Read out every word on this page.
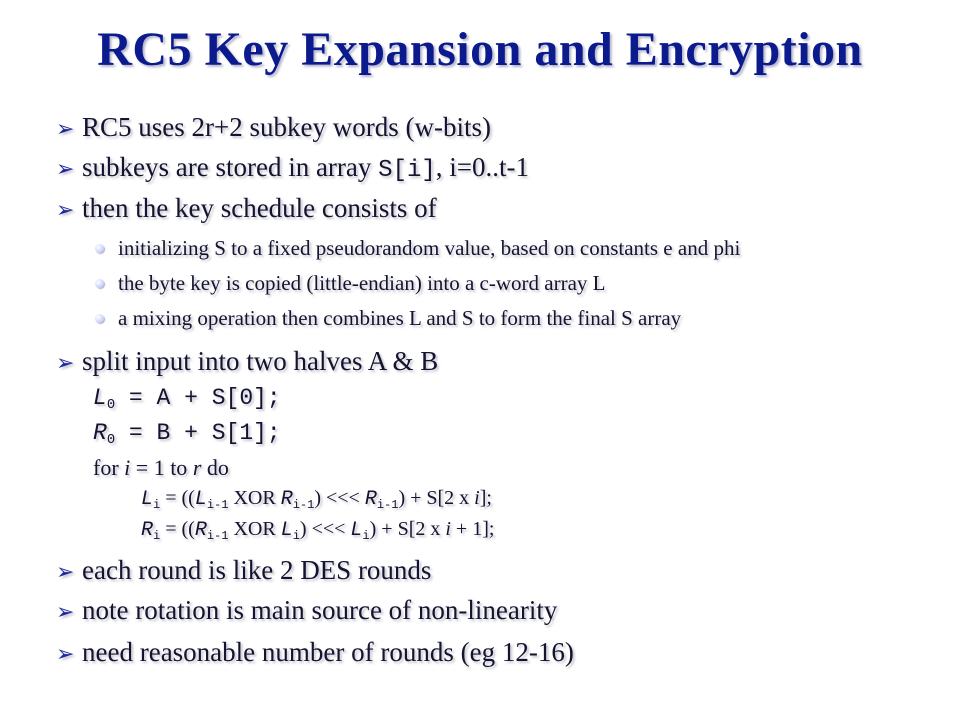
RC5 Key Expansion and Encryption
➢ RC5 uses 2r+2 subkey words (w-bits)
➢ subkeys are stored in array S[i], i=0..t-1
➢ then the key schedule consists of
initializing S to a fixed pseudorandom value, based on constants e and phi
the byte key is copied (little-endian) into a c-word array L
a mixing operation then combines L and S to form the final S array
➢ split input into two halves A & B
$L_0 = A + S[0]$;
$R_0 = B + S[1]$;
for i = 1 to r do
$L_i = ((L_{i-1}$ XOR $R_{i-1}$) <<< $R_{i-1}) + S[2$ x i];
$R_i = ((R_{i-1}$ XOR $L_i$) <<< $L_i) + S[2$ x i + 1];
➢ each round is like 2 DES rounds
➢ note rotation is main source of non-linearity
➢ need reasonable number of rounds (eg 12-16)
